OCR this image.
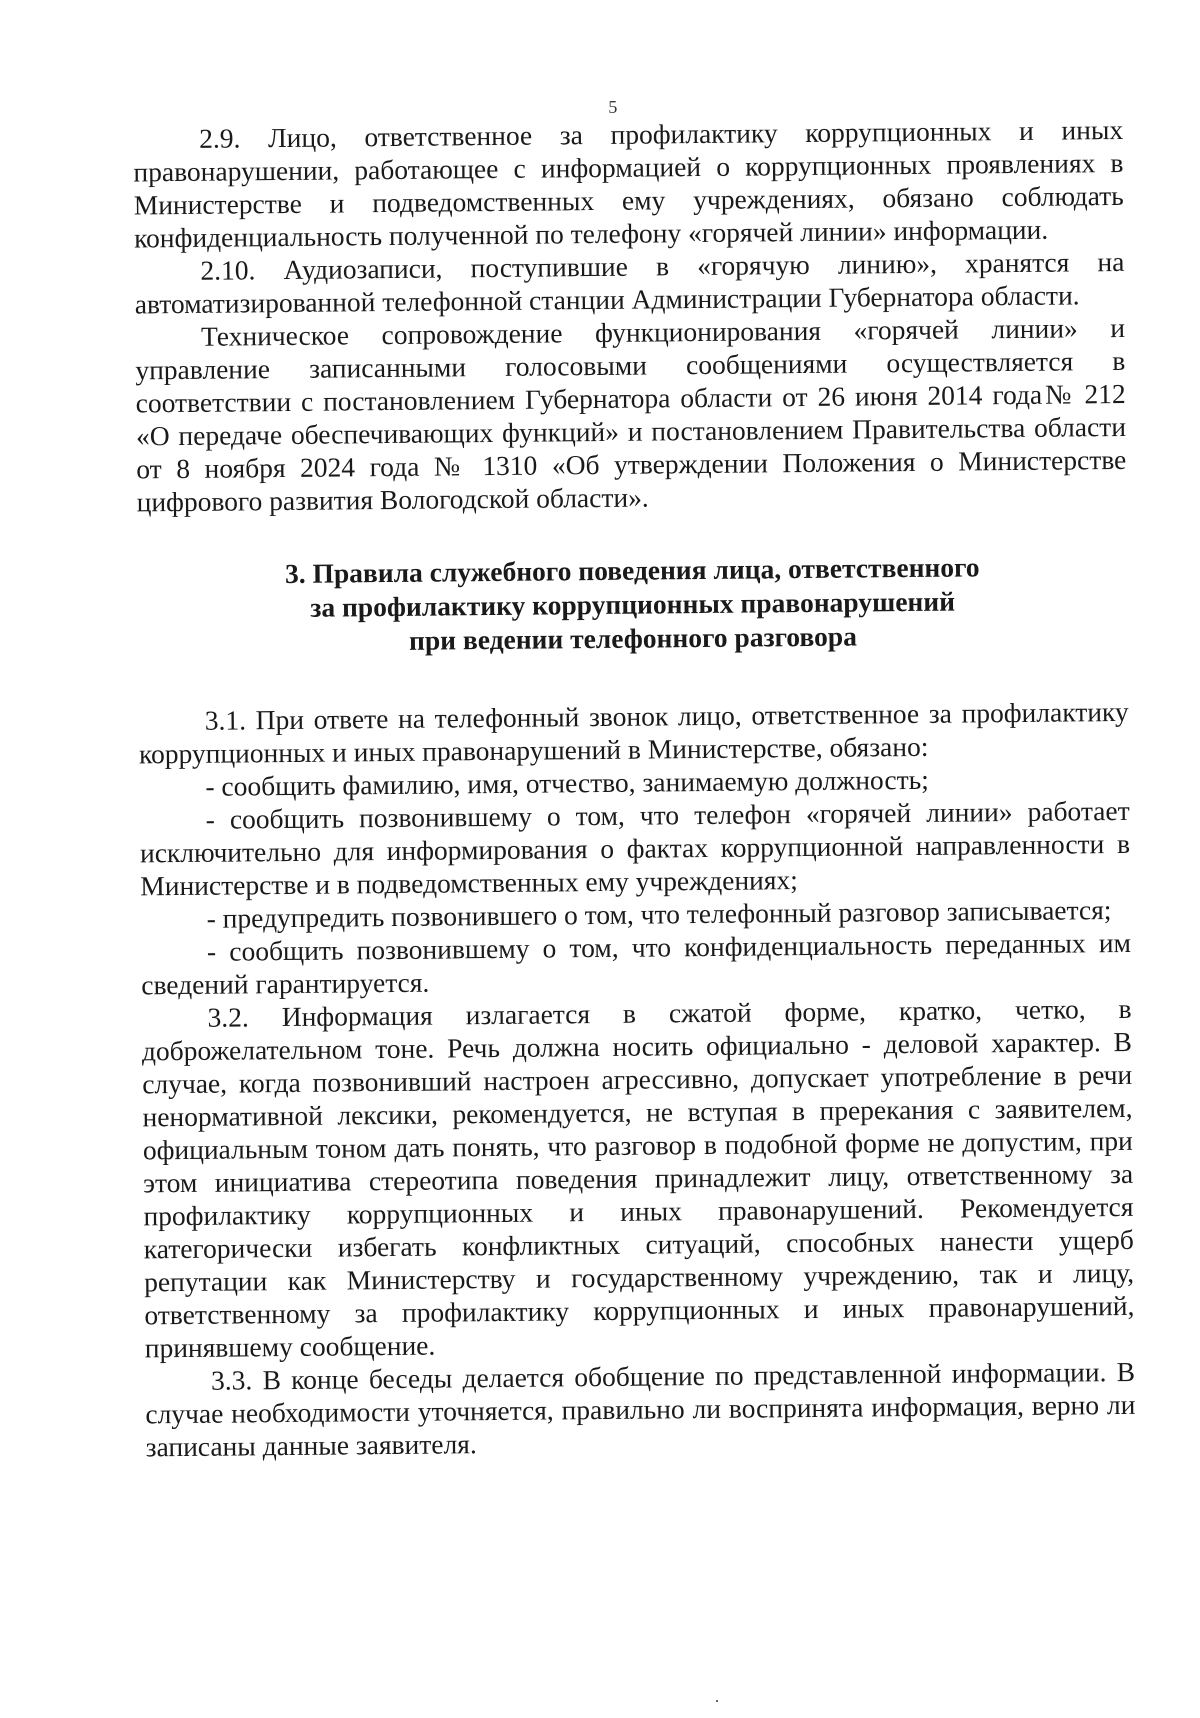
5

2.9. Лицо, ответственное за профилактику коррупционных и иных правонарушении, работающее с информацией о коррупционных проявлениях в Министерстве и подведомственных ему учреждениях, обязано соблюдать конфиденциальность полученной по телефону «горячей линии» информации.

2.10. Аудиозаписи, поступившие в «горячую линию», хранятся на автоматизированной телефонной станции Администрации Губернатора области.

Техническое сопровождение функционирования «горячей линии» и управление записанными голосовыми сообщениями осуществляется в соответствии с постановлением Губернатора области от 26 июня 2014 года№ 212 «О передаче обеспечивающих функций» и постановлением Правительства области от 8 ноября 2024 года № 1310 «Об утверждении Положения о Министерстве цифрового развития Вологодской области».

3. Правила служебного поведения лица, ответственного
за профилактику коррупционных правонарушений
при ведении телефонного разговора

3.1. При ответе на телефонный звонок лицо, ответственное за профилактику коррупционных и иных правонарушений в Министерстве, обязано:

- сообщить фамилию, имя, отчество, занимаемую должность;

- сообщить позвонившему о том, что телефон «горячей линии» работает исключительно для информирования о фактах коррупционной направленности в Министерстве и в подведомственных ему учреждениях;

- предупредить позвонившего о том, что телефонный разговор записывается;

- сообщить позвонившему о том, что конфиденциальность переданных им сведений гарантируется.

3.2. Информация излагается в сжатой форме, кратко, четко, в доброжелательном тоне. Речь должна носить официально - деловой характер. В случае, когда позвонивший настроен агрессивно, допускает употребление в речи ненормативной лексики, рекомендуется, не вступая в пререкания с заявителем, официальным тоном дать понять, что разговор в подобной форме не допустим, при этом инициатива стереотипа поведения принадлежит лицу, ответственному за профилактику коррупционных и иных правонарушений. Рекомендуется категорически избегать конфликтных ситуаций, способных нанести ущерб репутации как Министерству и государственному учреждению, так и лицу, ответственному за профилактику коррупционных и иных правонарушений, принявшему сообщение.

3.3. В конце беседы делается обобщение по представленной информации. В случае необходимости уточняется, правильно ли воспринята информация, верно ли записаны данные заявителя.
